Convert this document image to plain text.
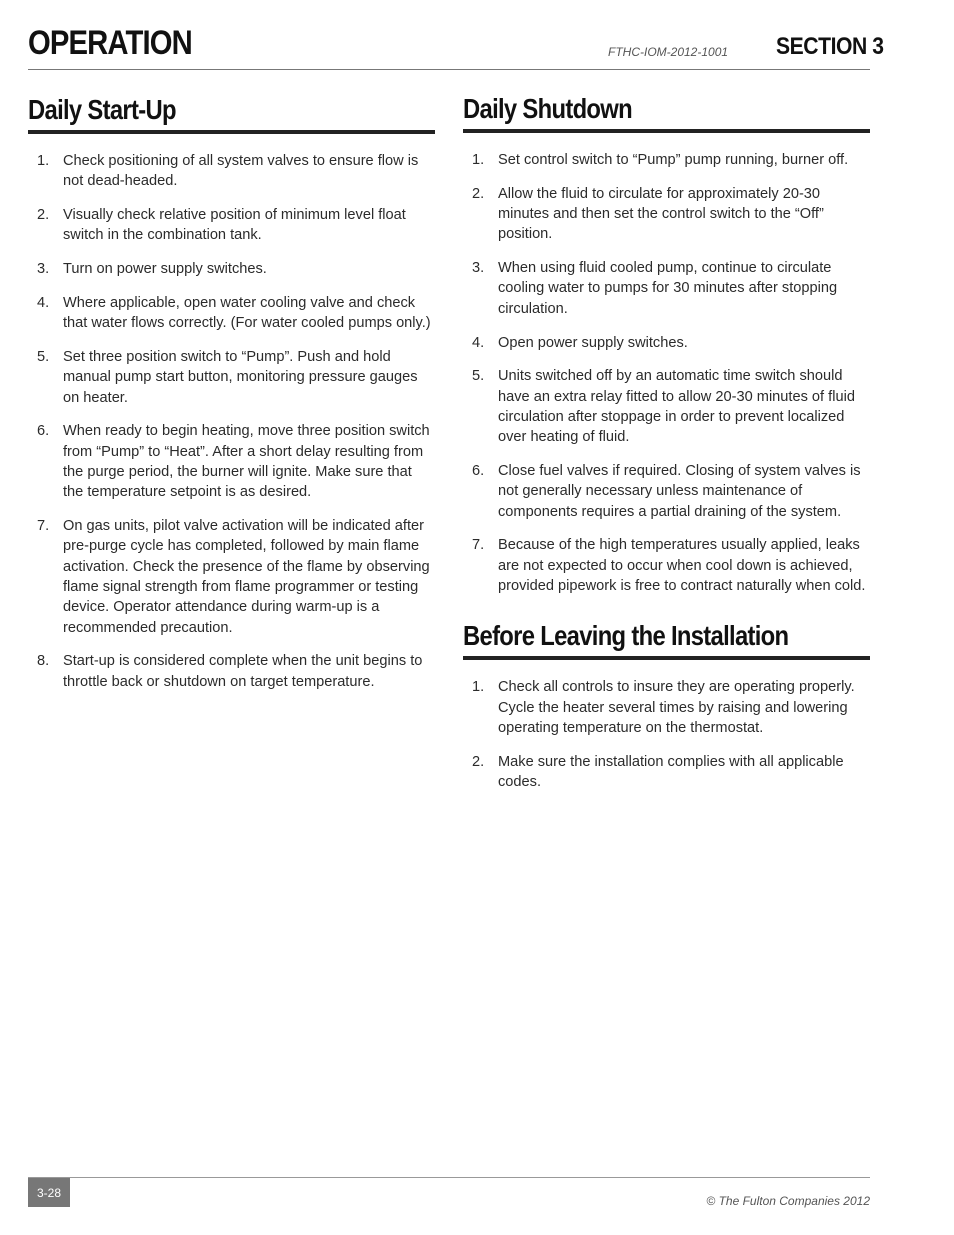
OPERATION	FTHC-IOM-2012-1001 SECTION 3
Daily Start-Up
1. Check positioning of all system valves to ensure flow is not dead-headed.
2. Visually check relative position of minimum level float switch in the combination tank.
3. Turn on power supply switches.
4. Where applicable, open water cooling valve and check that water flows correctly. (For water cooled pumps only.)
5. Set three position switch to “Pump”. Push and hold manual pump start button, monitoring pressure gauges on heater.
6. When ready to begin heating, move three position switch from “Pump” to “Heat”. After a short delay resulting from the purge period, the burner will ignite. Make sure that the temperature setpoint is as desired.
7. On gas units, pilot valve activation will be indicated after pre-purge cycle has completed, followed by main flame activation. Check the presence of the flame by observing flame signal strength from flame programmer or testing device. Operator attendance during warm-up is a recommended precaution.
8. Start-up is considered complete when the unit begins to throttle back or shutdown on target temperature.
Daily Shutdown
1. Set control switch to “Pump” pump running, burner off.
2. Allow the fluid to circulate for approximately 20-30 minutes and then set the control switch to the “Off” position.
3. When using fluid cooled pump, continue to circulate cooling water to pumps for 30 minutes after stopping circulation.
4. Open power supply switches.
5. Units switched off by an automatic time switch should have an extra relay fitted to allow 20-30 minutes of fluid circulation after stoppage in order to prevent localized over heating of fluid.
6. Close fuel valves if required. Closing of system valves is not generally necessary unless maintenance of components requires a partial draining of the system.
7. Because of the high temperatures usually applied, leaks are not expected to occur when cool down is achieved, provided pipework is free to contract naturally when cold.
Before Leaving the Installation
1. Check all controls to insure they are operating properly. Cycle the heater several times by raising and lowering operating temperature on the thermostat.
2. Make sure the installation complies with all applicable codes.
3-28
© The Fulton Companies 2012
